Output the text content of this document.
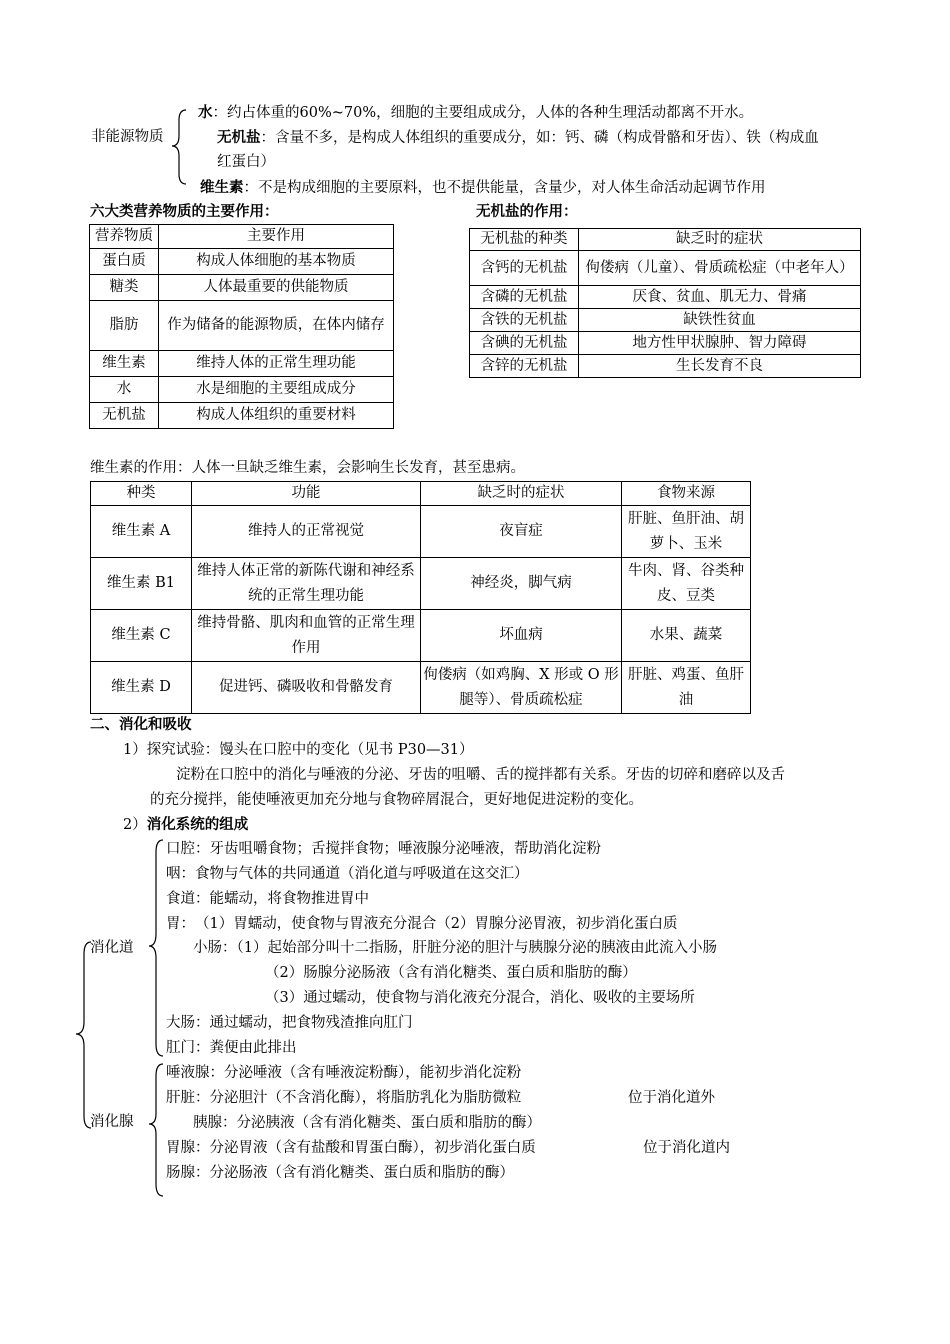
非能源物质
水：约占体重的60%~70%，细胞的主要组成成分，人体的各种生理活动都离不开水。
无机盐：含量不多，是构成人体组织的重要成分，如：钙、磷（构成骨骼和牙齿）、铁（构成血
红蛋白）
维生素：不是构成细胞的主要原料，也不提供能量，含量少，对人体生命活动起调节作用
六大类营养物质的主要作用：
营养物质	主要作用
蛋白质	构成人体细胞的基本物质
糖类	人体最重要的供能物质
脂肪	作为储备的能源物质，在体内储存
维生素	维持人体的正常生理功能
水	水是细胞的主要组成成分
无机盐	构成人体组织的重要材料
无机盐的作用：
无机盐的种类	缺乏时的症状
含钙的无机盐	佝偻病（儿童）、骨质疏松症（中老年人）
含磷的无机盐	厌食、贫血、肌无力、骨痛
含铁的无机盐	缺铁性贫血
含碘的无机盐	地方性甲状腺肿、智力障碍
含锌的无机盐	生长发育不良
维生素的作用：人体一旦缺乏维生素，会影响生长发育，甚至患病。
种类	功能	缺乏时的症状	食物来源
维生素 A	维持人的正常视觉	夜盲症	肝脏、鱼肝油、胡萝卜、玉米
维生素 B1	维持人体正常的新陈代谢和神经系统的正常生理功能	神经炎，脚气病	牛肉、肾、谷类种皮、豆类
维生素 C	维持骨骼、肌肉和血管的正常生理作用	坏血病	水果、蔬菜
维生素 D	促进钙、磷吸收和骨骼发育	佝偻病（如鸡胸、X 形或 O 形腿等）、骨质疏松症	肝脏、鸡蛋、鱼肝油
二、消化和吸收
1）探究试验：馒头在口腔中的变化（见书 P30—31）
淀粉在口腔中的消化与唾液的分泌、牙齿的咀嚼、舌的搅拌都有关系。牙齿的切碎和磨碎以及舌
的充分搅拌，能使唾液更加充分地与食物碎屑混合，更好地促进淀粉的变化。
2）消化系统的组成
消化道
口腔：牙齿咀嚼食物；舌搅拌食物；唾液腺分泌唾液，帮助消化淀粉
咽：食物与气体的共同通道（消化道与呼吸道在这交汇）
食道：能蠕动，将食物推进胃中
胃：　（1）胃蠕动，使食物与胃液充分混合（2）胃腺分泌胃液，初步消化蛋白质
小肠：（1）起始部分叫十二指肠，肝脏分泌的胆汁与胰腺分泌的胰液由此流入小肠
（2）肠腺分泌肠液（含有消化糖类、蛋白质和脂肪的酶）
（3）通过蠕动，使食物与消化液充分混合，消化、吸收的主要场所
大肠：通过蠕动，把食物残渣推向肛门
肛门：粪便由此排出
消化腺
唾液腺：分泌唾液（含有唾液淀粉酶），能初步消化淀粉
肝脏：分泌胆汁（不含消化酶），将脂肪乳化为脂肪微粒	位于消化道外
胰腺：分泌胰液（含有消化糖类、蛋白质和脂肪的酶）
胃腺：分泌胃液（含有盐酸和胃蛋白酶），初步消化蛋白质	位于消化道内
肠腺：分泌肠液（含有消化糖类、蛋白质和脂肪的酶）
